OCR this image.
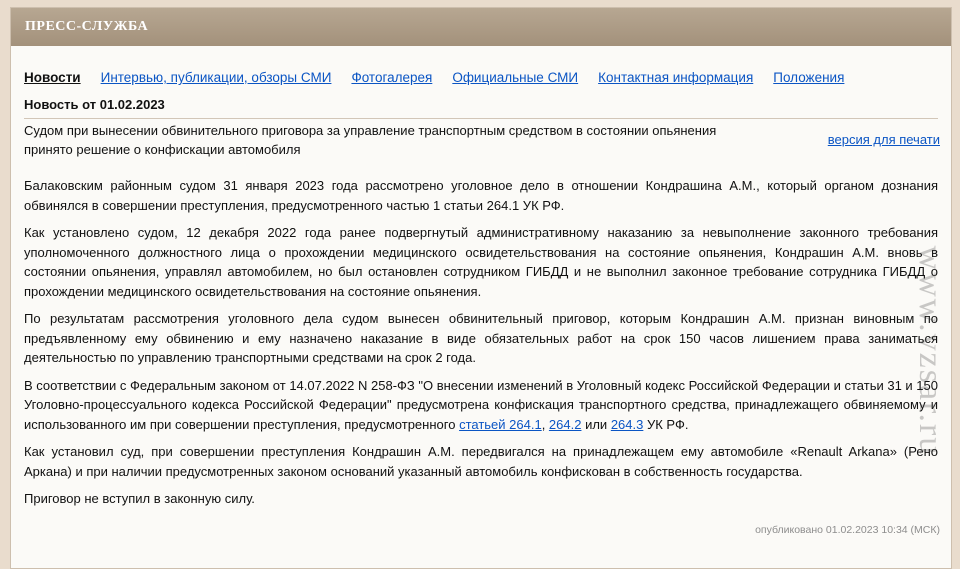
ПРЕСС-СЛУЖБА
Новости Интервью, публикации, обзоры СМИ Фотогалерея Официальные СМИ Контактная информация Положения
Новость от 01.02.2023
Судом при вынесении обвинительного приговора за управление транспортным средством в состоянии опьянения
принято решение о конфискации автомобиля
версия для печати

Балаковским районным судом 31 января 2023 года рассмотрено уголовное дело в отношении Кондрашина А.М., который органом дознания обвинялся в совершении преступления, предусмотренного частью 1 статьи 264.1 УК РФ.

Как установлено судом, 12 декабря 2022 года ранее подвергнутый административному наказанию за невыполнение законного требования уполномоченного должностного лица о прохождении медицинского освидетельствования на состояние опьянения, Кондрашин А.М. вновь в состоянии опьянения, управлял автомобилем, но был остановлен сотрудником ГИБДД и не выполнил законное требование сотрудника ГИБДД о прохождении медицинского освидетельствования на состояние опьянения.

По результатам рассмотрения уголовного дела судом вынесен обвинительный приговор, которым Кондрашин А.М. признан виновным по предъявленному ему обвинению и ему назначено наказание в виде обязательных работ на срок 150 часов лишением права заниматься деятельностью по управлению транспортными средствами на срок 2 года.

В соответствии с Федеральным законом от 14.07.2022 N 258-ФЗ "О внесении изменений в Уголовный кодекс Российской Федерации и статьи 31 и 150 Уголовно-процессуального кодекса Российской Федерации" предусмотрена конфискация транспортного средства, принадлежащего обвиняемому и использованного им при совершении преступления, предусмотренного статьей 264.1, 264.2 или 264.3 УК РФ.

Как установил суд, при совершении преступления Кондрашин А.М. передвигался на принадлежащем ему автомобиле «Renault Arkana» (Рено Аркана) и при наличии предусмотренных законом оснований указанный автомобиль конфискован в собственность государства.

Приговор не вступил в законную силу.

опубликовано 01.02.2023 10:34 (МСК)
www.vzsar.ru
